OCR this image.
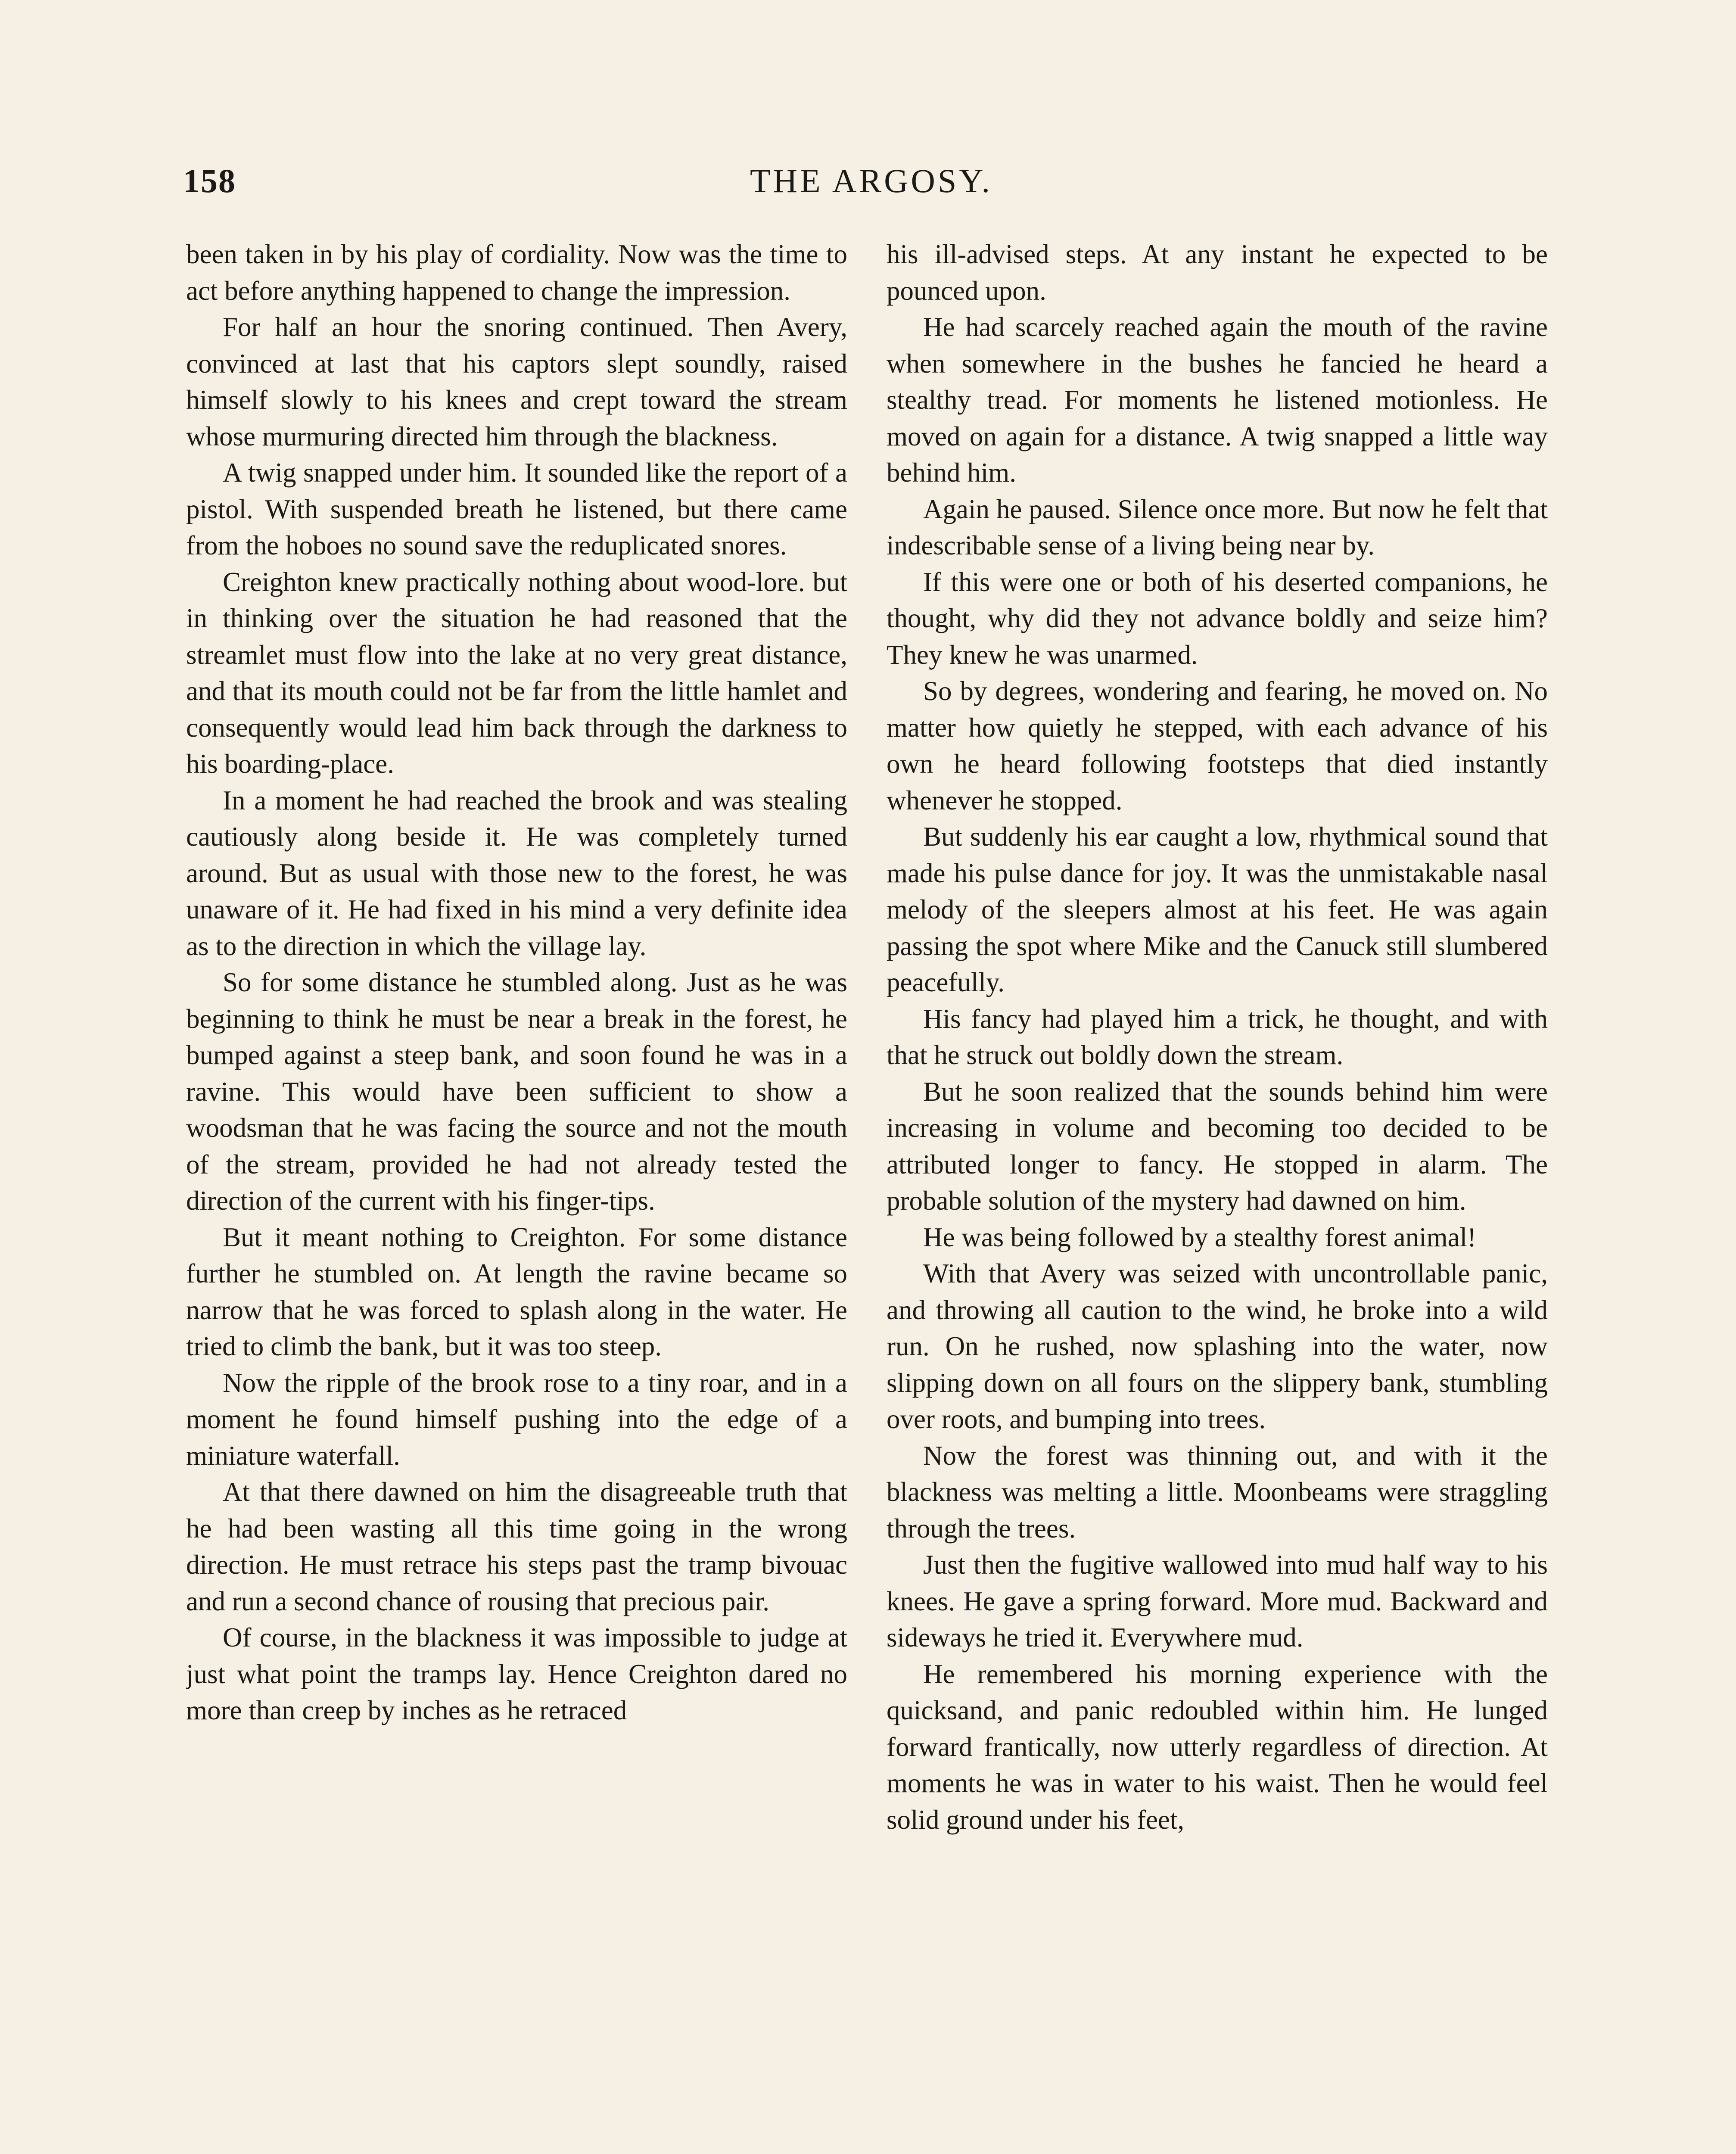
158	THE ARGOSY.

been taken in by his play of cordiality. Now was the time to act before anything happened to change the impression.

For half an hour the snoring continued. Then Avery, convinced at last that his captors slept soundly, raised himself slowly to his knees and crept toward the stream whose murmuring directed him through the blackness.

A twig snapped under him. It sounded like the report of a pistol. With suspended breath he listened, but there came from the hoboes no sound save the reduplicated snores.

Creighton knew practically nothing about wood-lore. but in thinking over the situation he had reasoned that the streamlet must flow into the lake at no very great distance, and that its mouth could not be far from the little hamlet and consequently would lead him back through the darkness to his boarding-place.

In a moment he had reached the brook and was stealing cautiously along beside it. He was completely turned around. But as usual with those new to the forest, he was unaware of it. He had fixed in his mind a very definite idea as to the direction in which the village lay.

So for some distance he stumbled along. Just as he was beginning to think he must be near a break in the forest, he bumped against a steep bank, and soon found he was in a ravine. This would have been sufficient to show a woodsman that he was facing the source and not the mouth of the stream, provided he had not already tested the direction of the current with his finger-tips.

But it meant nothing to Creighton. For some distance further he stumbled on. At length the ravine became so narrow that he was forced to splash along in the water. He tried to climb the bank, but it was too steep.

Now the ripple of the brook rose to a tiny roar, and in a moment he found himself pushing into the edge of a miniature waterfall.

At that there dawned on him the disagreeable truth that he had been wasting all this time going in the wrong direction. He must retrace his steps past the tramp bivouac and run a second chance of rousing that precious pair.

Of course, in the blackness it was impossible to judge at just what point the tramps lay. Hence Creighton dared no more than creep by inches as he retraced

his ill-advised steps. At any instant he expected to be pounced upon.

He had scarcely reached again the mouth of the ravine when somewhere in the bushes he fancied he heard a stealthy tread. For moments he listened motionless. He moved on again for a distance. A twig snapped a little way behind him.

Again he paused. Silence once more. But now he felt that indescribable sense of a living being near by.

If this were one or both of his deserted companions, he thought, why did they not advance boldly and seize him? They knew he was unarmed.

So by degrees, wondering and fearing, he moved on. No matter how quietly he stepped, with each advance of his own he heard following footsteps that died instantly whenever he stopped.

But suddenly his ear caught a low, rhythmical sound that made his pulse dance for joy. It was the unmistakable nasal melody of the sleepers almost at his feet. He was again passing the spot where Mike and the Canuck still slumbered peacefully.

His fancy had played him a trick, he thought, and with that he struck out boldly down the stream.

But he soon realized that the sounds behind him were increasing in volume and becoming too decided to be attributed longer to fancy. He stopped in alarm. The probable solution of the mystery had dawned on him.

He was being followed by a stealthy forest animal!

With that Avery was seized with uncontrollable panic, and throwing all caution to the wind, he broke into a wild run. On he rushed, now splashing into the water, now slipping down on all fours on the slippery bank, stumbling over roots, and bumping into trees.

Now the forest was thinning out, and with it the blackness was melting a little. Moonbeams were straggling through the trees.

Just then the fugitive wallowed into mud half way to his knees. He gave a spring forward. More mud. Backward and sideways he tried it. Everywhere mud.

He remembered his morning experience with the quicksand, and panic redoubled within him. He lunged forward frantically, now utterly regardless of direction. At moments he was in water to his waist. Then he would feel solid ground under his feet,
